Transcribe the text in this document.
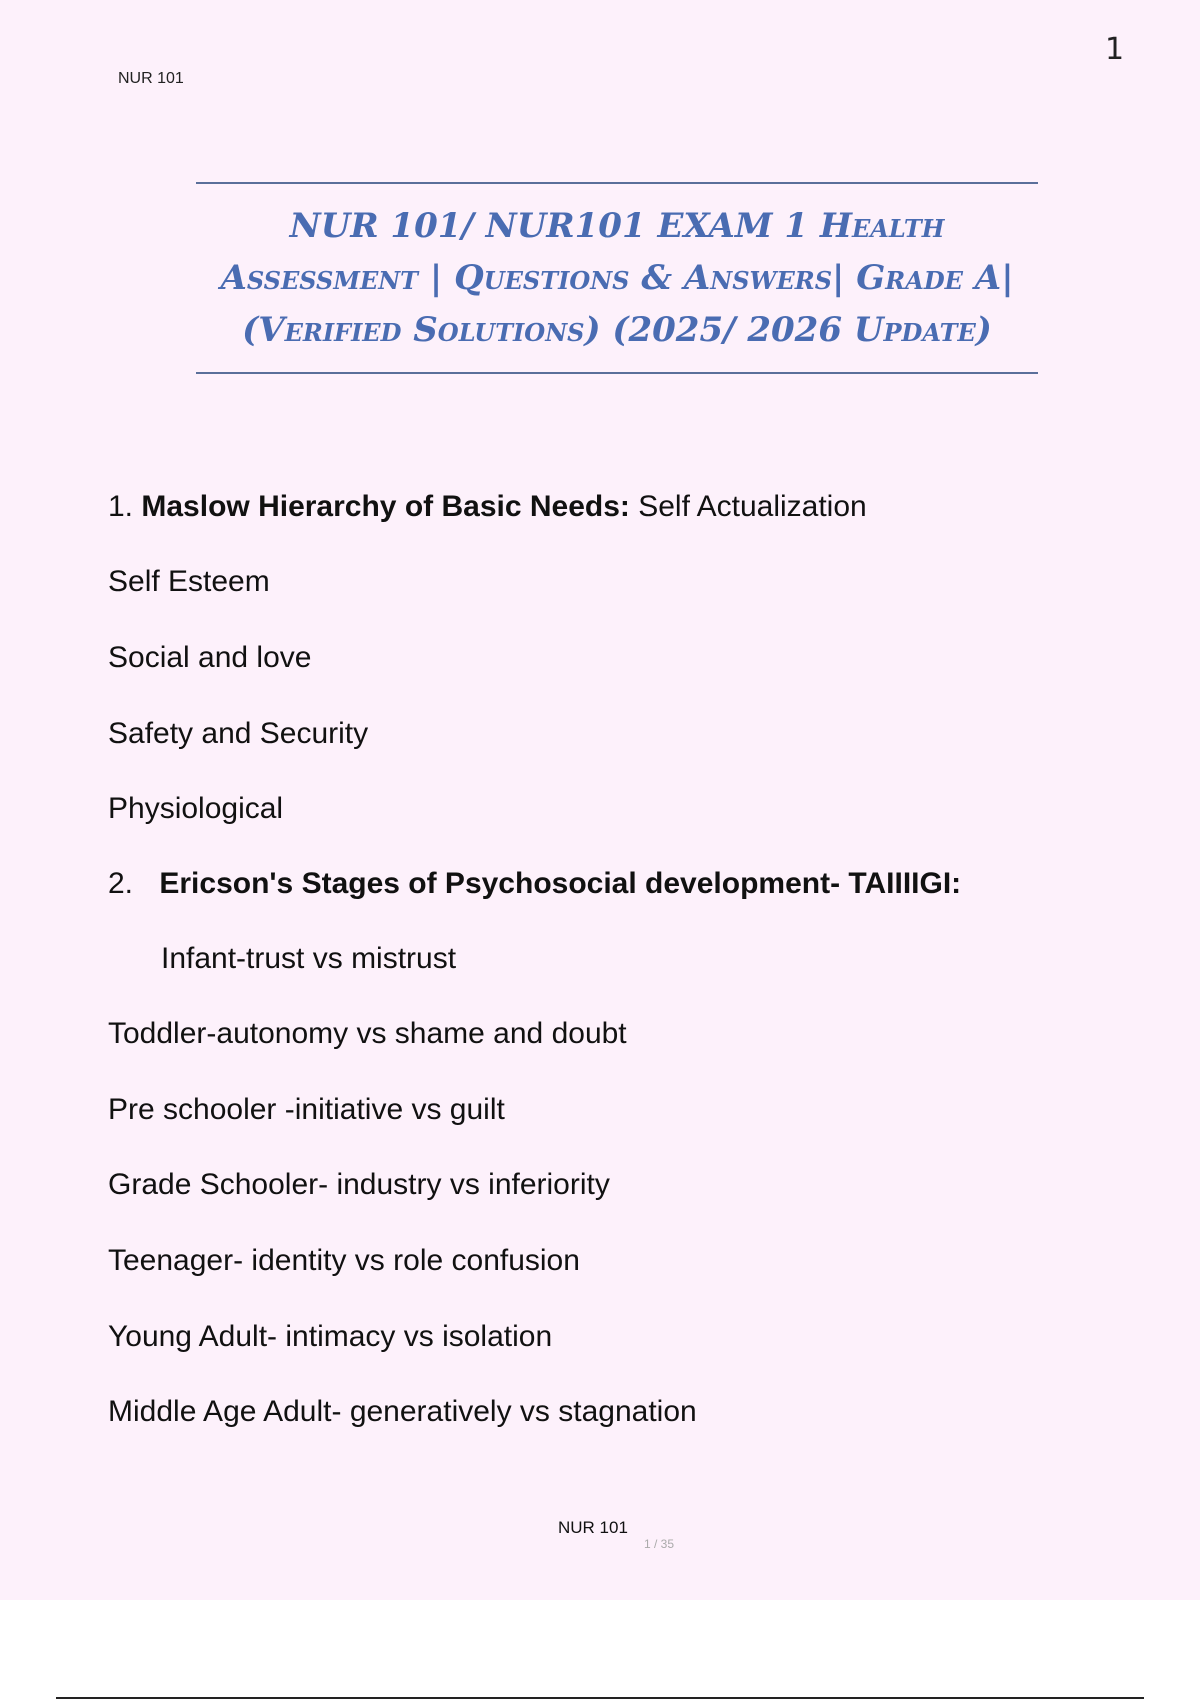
NUR 101
1
NUR 101/ NUR101 EXAM 1 Health
Assessment | Questions & Answers| Grade A|
(Verified Solutions) (2025/ 2026 Update)
1. Maslow Hierarchy of Basic Needs: Self Actualization
Self Esteem
Social and love
Safety and Security
Physiological
2. Ericson's Stages of Psychosocial development- TAIIIIGI:
Infant-trust vs mistrust
Toddler-autonomy vs shame and doubt
Pre schooler -initiative vs guilt
Grade Schooler- industry vs inferiority
Teenager- identity vs role confusion
Young Adult- intimacy vs isolation
Middle Age Adult- generatively vs stagnation
NUR 101
1 / 35
